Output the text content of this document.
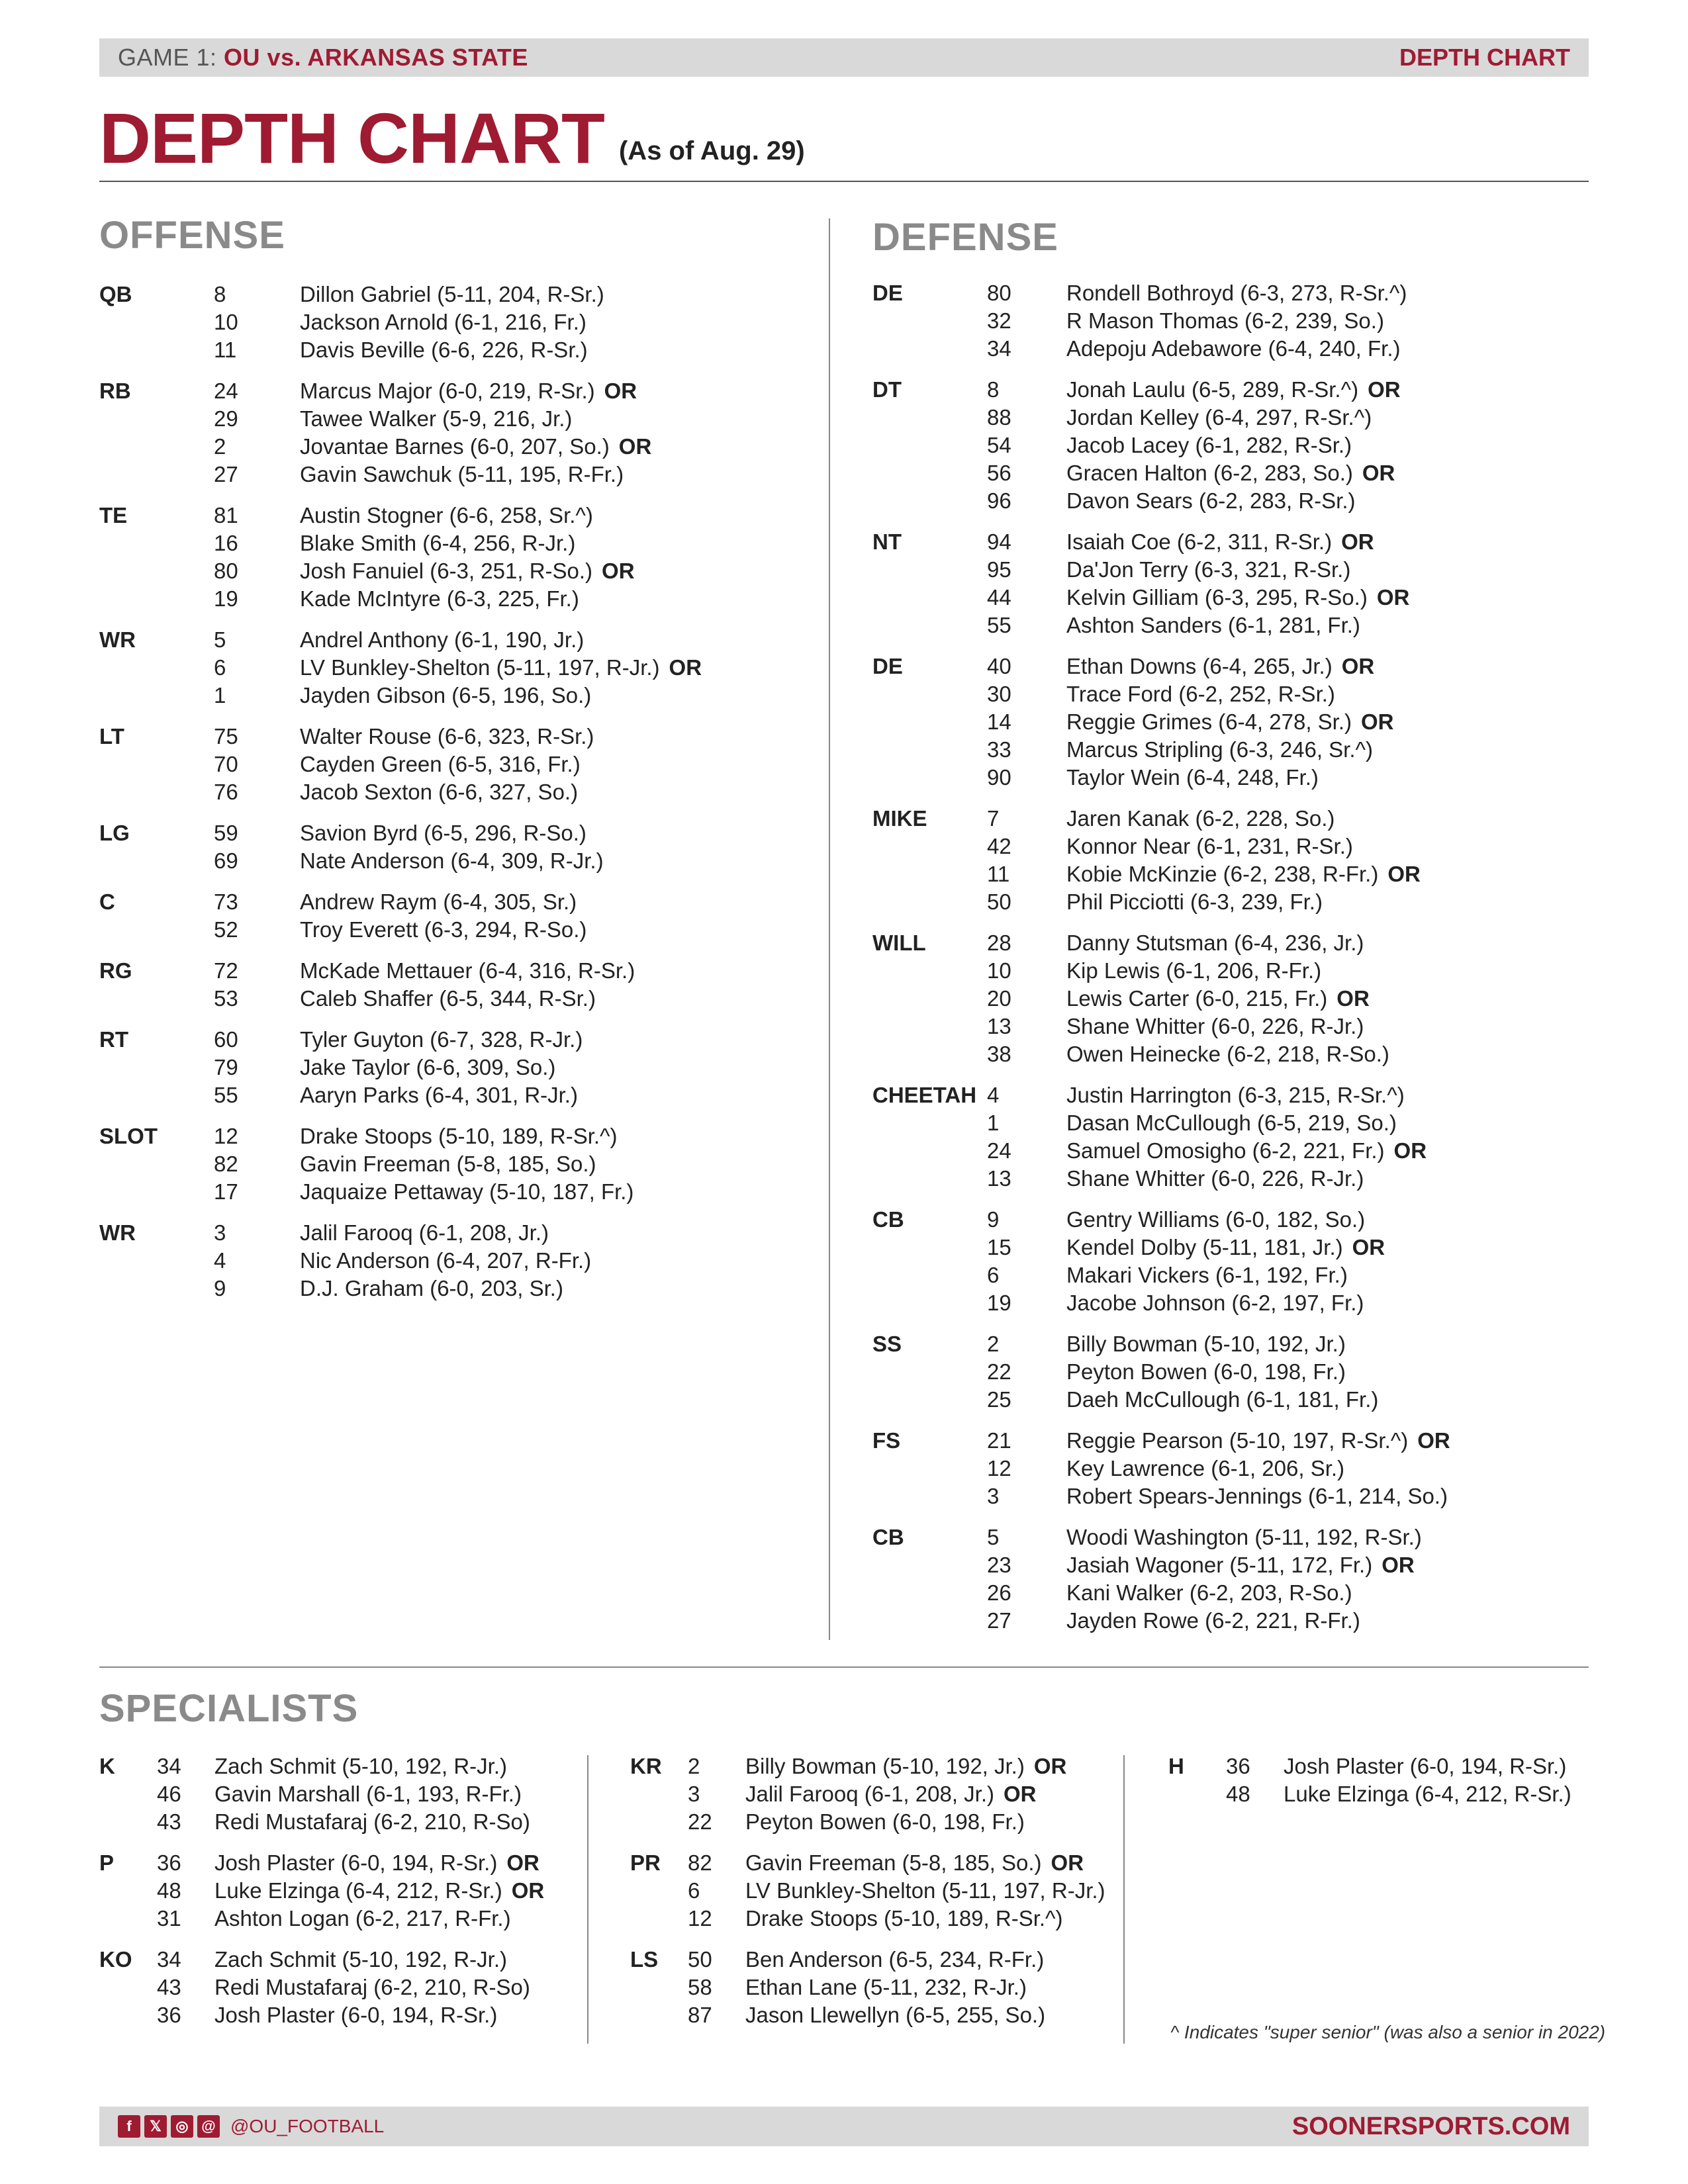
GAME 1: OU vs. ARKANSAS STATE	DEPTH CHART
DEPTH CHART (As of Aug. 29)
OFFENSE	DEFENSE
QB	8	Dillon Gabriel (5-11, 204, R-Sr.)
10	Jackson Arnold (6-1, 216, Fr.)
11	Davis Beville (6-6, 226, R-Sr.)
RB	24	Marcus Major (6-0, 219, R-Sr.) OR
29	Tawee Walker (5-9, 216, Jr.)
2	Jovantae Barnes (6-0, 207, So.) OR
27	Gavin Sawchuk (5-11, 195, R-Fr.)
TE	81	Austin Stogner (6-6, 258, Sr.^)
16	Blake Smith (6-4, 256, R-Jr.)
80	Josh Fanuiel (6-3, 251, R-So.) OR
19	Kade McIntyre (6-3, 225, Fr.)
WR	5	Andrel Anthony (6-1, 190, Jr.)
6	LV Bunkley-Shelton (5-11, 197, R-Jr.) OR
1	Jayden Gibson (6-5, 196, So.)
LT	75	Walter Rouse (6-6, 323, R-Sr.)
70	Cayden Green (6-5, 316, Fr.)
76	Jacob Sexton (6-6, 327, So.)
LG	59	Savion Byrd (6-5, 296, R-So.)
69	Nate Anderson (6-4, 309, R-Jr.)
C	73	Andrew Raym (6-4, 305, Sr.)
52	Troy Everett (6-3, 294, R-So.)
RG	72	McKade Mettauer (6-4, 316, R-Sr.)
53	Caleb Shaffer (6-5, 344, R-Sr.)
RT	60	Tyler Guyton (6-7, 328, R-Jr.)
79	Jake Taylor (6-6, 309, So.)
55	Aaryn Parks (6-4, 301, R-Jr.)
SLOT	12	Drake Stoops (5-10, 189, R-Sr.^)
82	Gavin Freeman (5-8, 185, So.)
17	Jaquaize Pettaway (5-10, 187, Fr.)
WR	3	Jalil Farooq (6-1, 208, Jr.)
4	Nic Anderson (6-4, 207, R-Fr.)
9	D.J. Graham (6-0, 203, Sr.)
DE	80	Rondell Bothroyd (6-3, 273, R-Sr.^)
32	R Mason Thomas (6-2, 239, So.)
34	Adepoju Adebawore (6-4, 240, Fr.)
DT	8	Jonah Laulu (6-5, 289, R-Sr.^) OR
88	Jordan Kelley (6-4, 297, R-Sr.^)
54	Jacob Lacey (6-1, 282, R-Sr.)
56	Gracen Halton (6-2, 283, So.) OR
96	Davon Sears (6-2, 283, R-Sr.)
NT	94	Isaiah Coe (6-2, 311, R-Sr.) OR
95	Da'Jon Terry (6-3, 321, R-Sr.)
44	Kelvin Gilliam (6-3, 295, R-So.) OR
55	Ashton Sanders (6-1, 281, Fr.)
DE	40	Ethan Downs (6-4, 265, Jr.) OR
30	Trace Ford (6-2, 252, R-Sr.)
14	Reggie Grimes (6-4, 278, Sr.) OR
33	Marcus Stripling (6-3, 246, Sr.^)
90	Taylor Wein (6-4, 248, Fr.)
MIKE	7	Jaren Kanak (6-2, 228, So.)
42	Konnor Near (6-1, 231, R-Sr.)
11	Kobie McKinzie (6-2, 238, R-Fr.) OR
50	Phil Picciotti (6-3, 239, Fr.)
WILL	28	Danny Stutsman (6-4, 236, Jr.)
10	Kip Lewis (6-1, 206, R-Fr.)
20	Lewis Carter (6-0, 215, Fr.) OR
13	Shane Whitter (6-0, 226, R-Jr.)
38	Owen Heinecke (6-2, 218, R-So.)
CHEETAH 4	Justin Harrington (6-3, 215, R-Sr.^)
1	Dasan McCullough (6-5, 219, So.)
24	Samuel Omosigho (6-2, 221, Fr.) OR
13	Shane Whitter (6-0, 226, R-Jr.)
CB	9	Gentry Williams (6-0, 182, So.)
15	Kendel Dolby (5-11, 181, Jr.) OR
6	Makari Vickers (6-1, 192, Fr.)
19	Jacobe Johnson (6-2, 197, Fr.)
SS	2	Billy Bowman (5-10, 192, Jr.)
22	Peyton Bowen (6-0, 198, Fr.)
25	Daeh McCullough (6-1, 181, Fr.)
FS	21	Reggie Pearson (5-10, 197, R-Sr.^) OR
12	Key Lawrence (6-1, 206, Sr.)
3	Robert Spears-Jennings (6-1, 214, So.)
CB	5	Woodi Washington (5-11, 192, R-Sr.)
23	Jasiah Wagoner (5-11, 172, Fr.) OR
26	Kani Walker (6-2, 203, R-So.)
27	Jayden Rowe (6-2, 221, R-Fr.)
SPECIALISTS
K	34	Zach Schmit (5-10, 192, R-Jr.)
46	Gavin Marshall (6-1, 193, R-Fr.)
43	Redi Mustafaraj (6-2, 210, R-So)
P	36	Josh Plaster (6-0, 194, R-Sr.) OR
48	Luke Elzinga (6-4, 212, R-Sr.) OR
31	Ashton Logan (6-2, 217, R-Fr.)
KO	34	Zach Schmit (5-10, 192, R-Jr.)
43	Redi Mustafaraj (6-2, 210, R-So)
36	Josh Plaster (6-0, 194, R-Sr.)
KR	2	Billy Bowman (5-10, 192, Jr.) OR
3	Jalil Farooq (6-1, 208, Jr.) OR
22	Peyton Bowen (6-0, 198, Fr.)
PR	82	Gavin Freeman (5-8, 185, So.) OR
6	LV Bunkley-Shelton (5-11, 197, R-Jr.)
12	Drake Stoops (5-10, 189, R-Sr.^)
LS	50	Ben Anderson (6-5, 234, R-Fr.)
58	Ethan Lane (5-11, 232, R-Jr.)
87	Jason Llewellyn (6-5, 255, So.)
H	36	Josh Plaster (6-0, 194, R-Sr.)
48	Luke Elzinga (6-4, 212, R-Sr.)
^ Indicates "super senior" (was also a senior in 2022)
f	𝕏 ◎ @ @OU_FOOTBALL	SOONERSPORTS.COM
